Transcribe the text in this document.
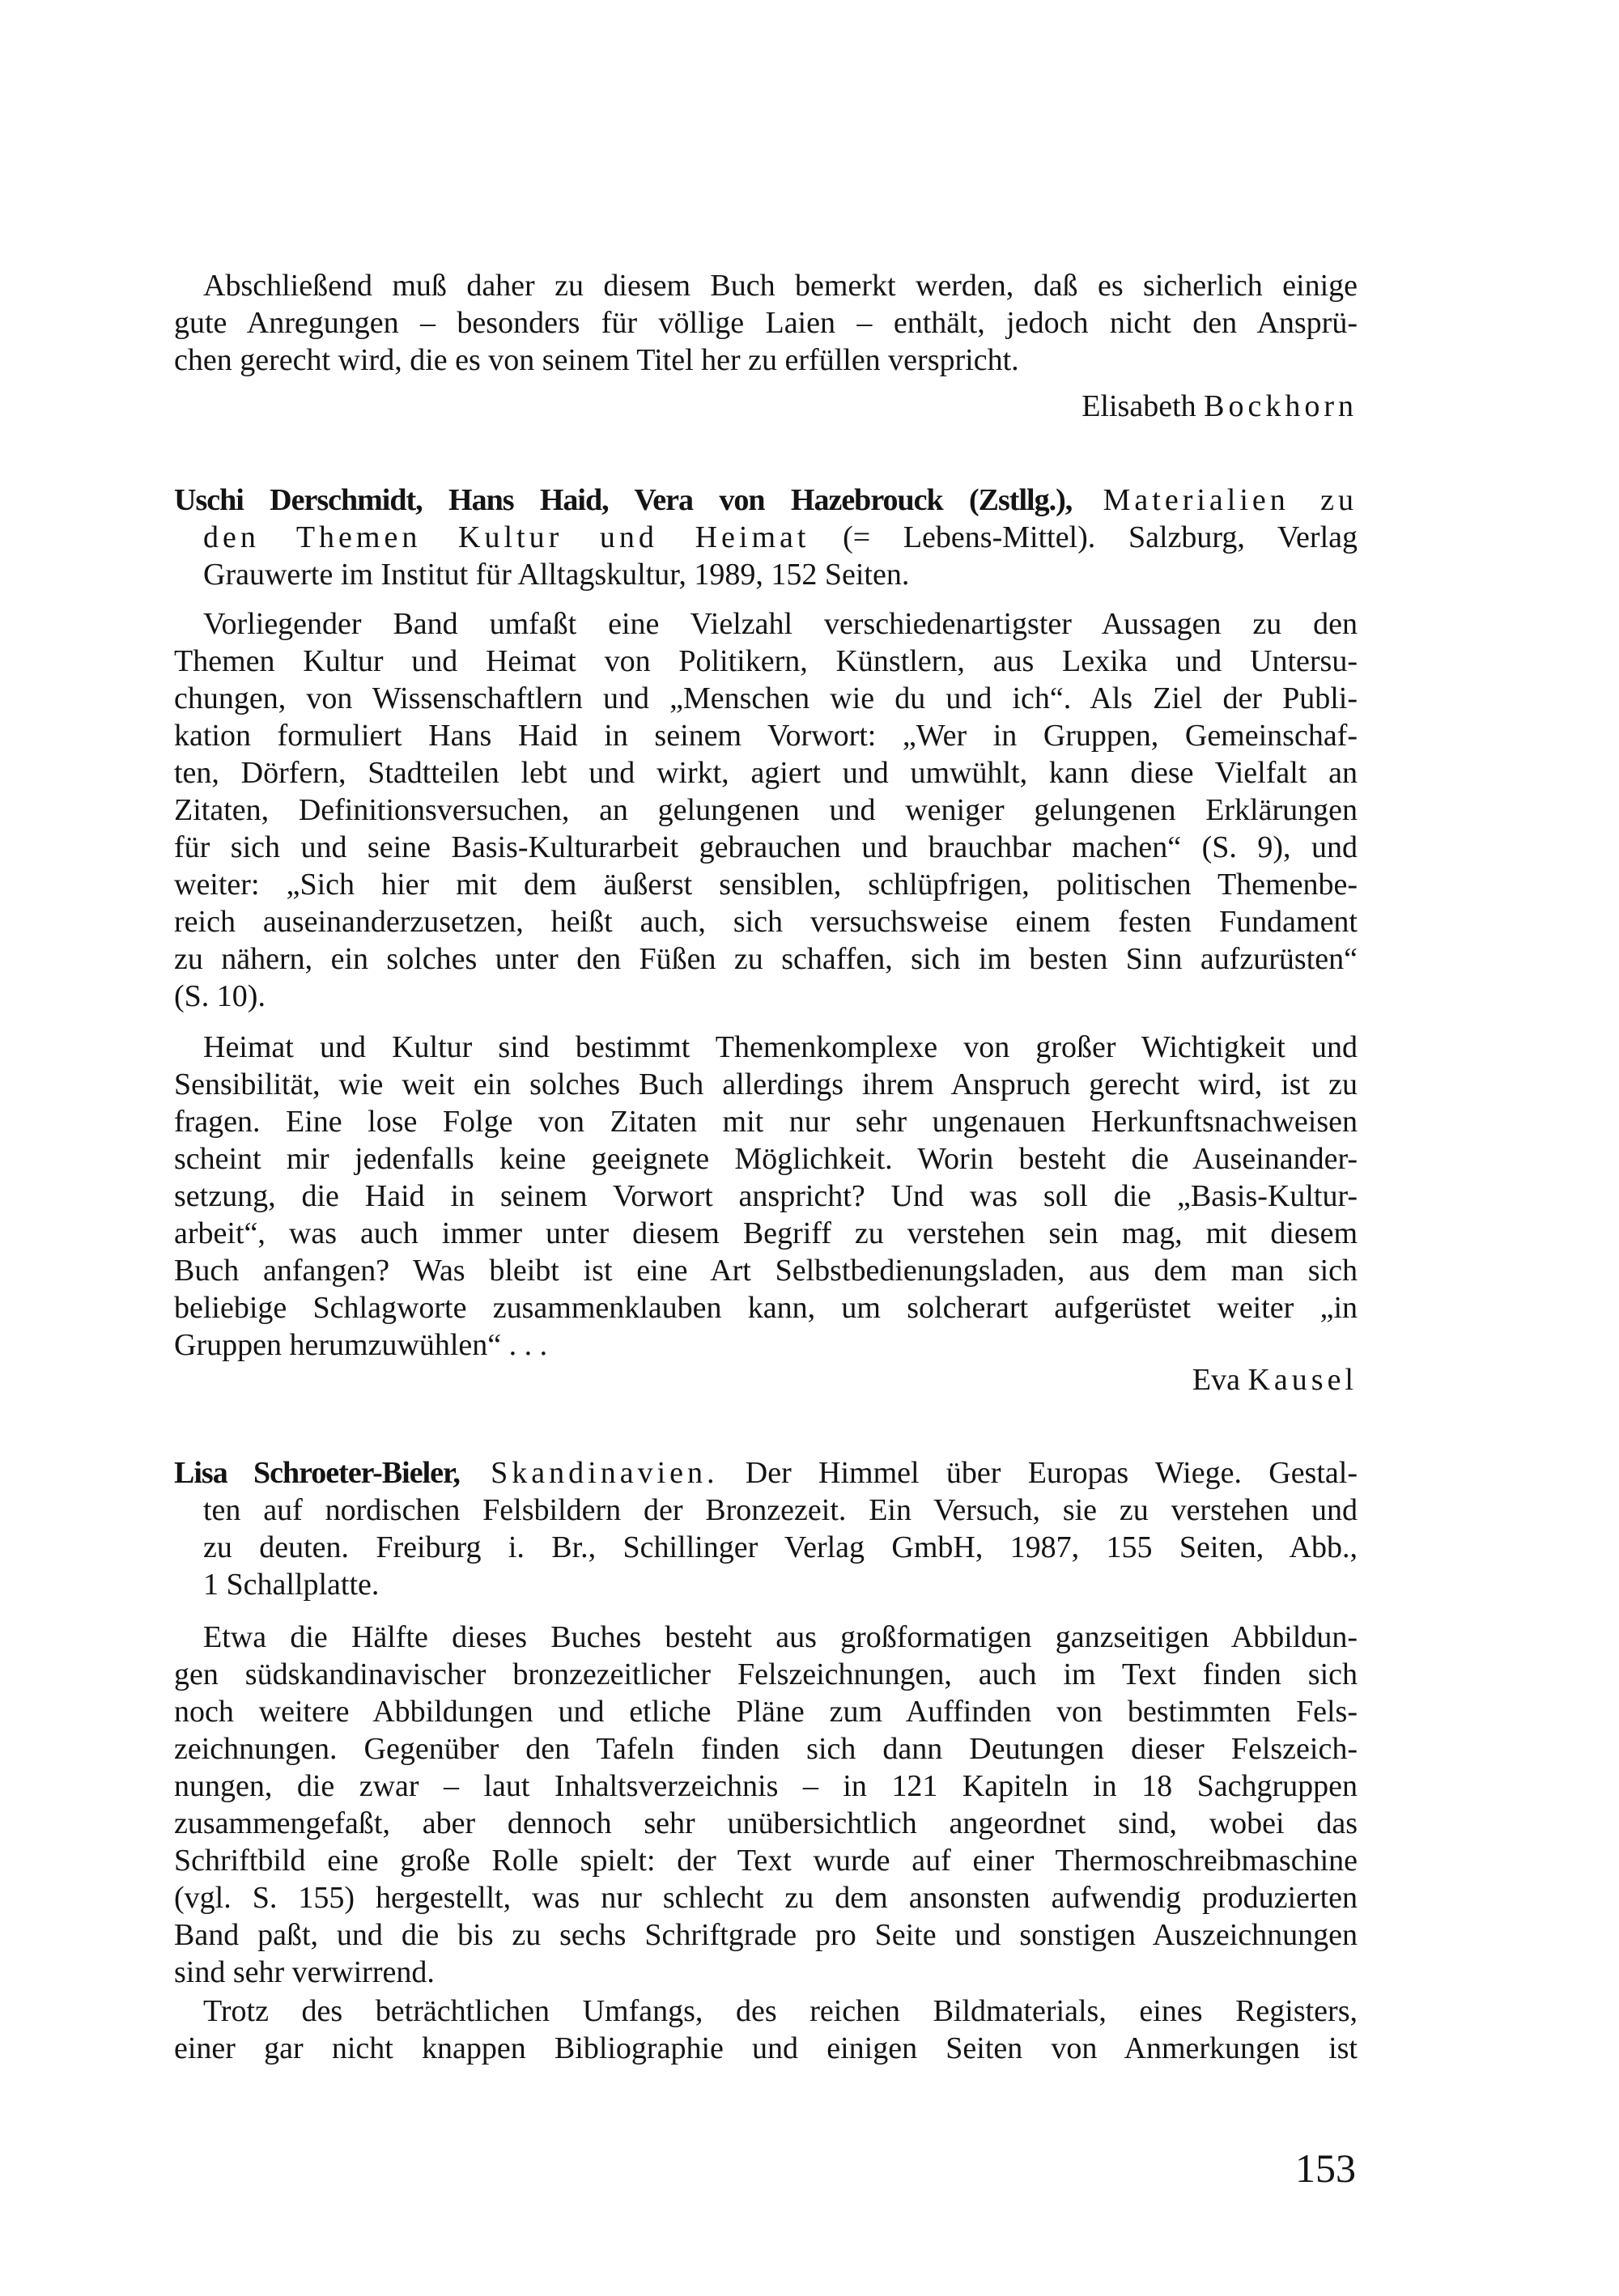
Abschließend muß daher zu diesem Buch bemerkt werden, daß es sicherlich einige
gute Anregungen – besonders für völlige Laien – enthält, jedoch nicht den Ansprü-
chen gerecht wird, die es von seinem Titel her zu erfüllen verspricht.
Elisabeth Bockhorn
Uschi Derschmidt, Hans Haid, Vera von Hazebrouck (Zstllg.), Materialien zu
den Themen Kultur und Heimat (= Lebens-Mittel). Salzburg, Verlag
Grauwerte im Institut für Alltagskultur, 1989, 152 Seiten.
Vorliegender Band umfaßt eine Vielzahl verschiedenartigster Aussagen zu den
Themen Kultur und Heimat von Politikern, Künstlern, aus Lexika und Untersu-
chungen, von Wissenschaftlern und „Menschen wie du und ich“. Als Ziel der Publi-
kation formuliert Hans Haid in seinem Vorwort: „Wer in Gruppen, Gemeinschaf-
ten, Dörfern, Stadtteilen lebt und wirkt, agiert und umwühlt, kann diese Vielfalt an
Zitaten, Definitionsversuchen, an gelungenen und weniger gelungenen Erklärungen
für sich und seine Basis-Kulturarbeit gebrauchen und brauchbar machen“ (S. 9), und
weiter: „Sich hier mit dem äußerst sensiblen, schlüpfrigen, politischen Themenbe-
reich auseinanderzusetzen, heißt auch, sich versuchsweise einem festen Fundament
zu nähern, ein solches unter den Füßen zu schaffen, sich im besten Sinn aufzurüsten“
(S. 10).
Heimat und Kultur sind bestimmt Themenkomplexe von großer Wichtigkeit und
Sensibilität, wie weit ein solches Buch allerdings ihrem Anspruch gerecht wird, ist zu
fragen. Eine lose Folge von Zitaten mit nur sehr ungenauen Herkunftsnachweisen
scheint mir jedenfalls keine geeignete Möglichkeit. Worin besteht die Auseinander-
setzung, die Haid in seinem Vorwort anspricht? Und was soll die „Basis-Kultur-
arbeit“, was auch immer unter diesem Begriff zu verstehen sein mag, mit diesem
Buch anfangen? Was bleibt ist eine Art Selbstbedienungsladen, aus dem man sich
beliebige Schlagworte zusammenklauben kann, um solcherart aufgerüstet weiter „in
Gruppen herumzuwühlen“ . . .
Eva Kausel
Lisa Schroeter-Bieler, Skandinavien. Der Himmel über Europas Wiege. Gestal-
ten auf nordischen Felsbildern der Bronzezeit. Ein Versuch, sie zu verstehen und
zu deuten. Freiburg i. Br., Schillinger Verlag GmbH, 1987, 155 Seiten, Abb.,
1 Schallplatte.
Etwa die Hälfte dieses Buches besteht aus großformatigen ganzseitigen Abbildun-
gen südskandinavischer bronzezeitlicher Felszeichnungen, auch im Text finden sich
noch weitere Abbildungen und etliche Pläne zum Auffinden von bestimmten Fels-
zeichnungen. Gegenüber den Tafeln finden sich dann Deutungen dieser Felszeich-
nungen, die zwar – laut Inhaltsverzeichnis – in 121 Kapiteln in 18 Sachgruppen
zusammengefaßt, aber dennoch sehr unübersichtlich angeordnet sind, wobei das
Schriftbild eine große Rolle spielt: der Text wurde auf einer Thermoschreibmaschine
(vgl. S. 155) hergestellt, was nur schlecht zu dem ansonsten aufwendig produzierten
Band paßt, und die bis zu sechs Schriftgrade pro Seite und sonstigen Auszeichnungen
sind sehr verwirrend.
Trotz des beträchtlichen Umfangs, des reichen Bildmaterials, eines Registers,
einer gar nicht knappen Bibliographie und einigen Seiten von Anmerkungen ist
153
